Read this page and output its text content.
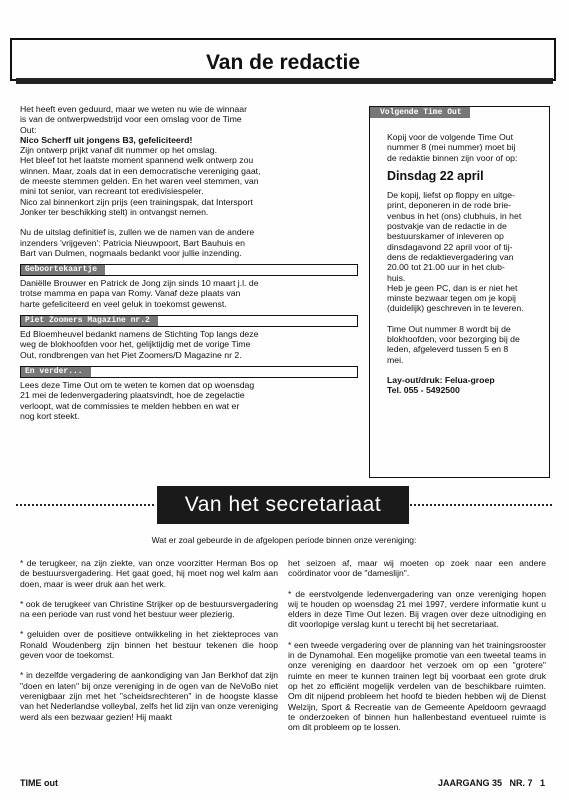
Van de redactie

Het heeft even geduurd, maar we weten nu wie de winnaar

is van de ontwerpwedstrijd voor een omslag voor de Time

Out:

Nico Scherff uit jongens B3, gefeliciteerd!

Zijn ontwerp prijkt vanaf dit nummer op het omslag.

Het bleef tot het laatste moment spannend welk ontwerp zou

winnen. Maar, zoals dat in een democratische vereniging gaat,

de meeste stemmen gelden. En het waren veel stemmen, van

mini tot senior, van recreant tot eredivisiespeler.

Nico zal binnenkort zijn prijs (een trainingspak, dat Intersport

Jonker ter beschikking stelt) in ontvangst nemen.

Nu de uitslag definitief is, zullen we de namen van de andere

inzenders 'vrijgeven': Patricia Nieuwpoort, Bart Bauhuis en

Bart van Dulmen, nogmaals bedankt voor jullie inzending.

Geboortekaartje

Daniëlle Brouwer en Patrick de Jong zijn sinds 10 maart j.l. de

trotse mamma en papa van Romy. Vanaf deze plaats van

harte gefeliciteerd en veel geluk in toekomst gewenst.

Piet Zoomers Magazine nr.2

Ed Bloemheuvel bedankt namens de Stichting Top langs deze

weg de blokhoofden voor het, gelijktijdig met de vorige Time

Out, rondbrengen van het Piet Zoomers/D Magazine nr 2.

En verder...

Lees deze Time Out om te weten te komen dat op woensdag

21 mei de ledenvergadering plaatsvindt, hoe de zegelactie

verloopt, wat de commissies te melden hebben en wat er

nog kort steekt.

Volgende Time Out

Kopij voor de volgende Time Out

nummer 8 (mei nummer) moet bij

de redaktie binnen zijn voor of op:

Dinsdag 22 april

De kopij, liefst op floppy en uitge-

print, deponeren in de rode brie-

venbus in het (ons) clubhuis, in het

postvakje van de redactie in de

bestuurskamer of inleveren op

dinsdagavond 22 april voor of tij-

dens de redaktievergadering van

20.00 tot 21.00 uur in het club-

huis.

Heb je geen PC, dan is er niet het

minste bezwaar tegen om je kopij

(duidelijk) geschreven in te leveren.

Time Out nummer 8 wordt bij de

blokhoofden, voor bezorging bij de

leden, afgeleverd tussen 5 en 8

mei.

Lay-out/druk: Felua-groep

Tel. 055 - 5492500

Van het secretariaat
Wat er zoal gebeurde in de afgelopen periode binnen onze vereniging:

* de terugkeer, na zijn ziekte, van onze voorzitter Herman Bos op de bestuursvergadering. Het gaat goed, hij moet nog wel kalm aan doen, maar is weer druk aan het werk.

* ook de terugkeer van Christine Strijker op de bestuursvergadering na een periode van rust vond het bestuur weer plezierig.

* geluiden over de positieve ontwikkeling in het ziekteproces van Ronald Woudenberg zijn binnen het bestuur tekenen die hoop geven voor de toekomst.

* in dezelfde vergadering de aankondiging van Jan Berkhof dat zijn "doen en laten" bij onze vereniging in de ogen van de NeVoBo niet verenigbaar zijn met het "scheidsrechteren" in de hoogste klasse van het Nederlandse volleybal, zelfs het lid zijn van onze vereniging werd als een bezwaar gezien! Hij maakt

het seizoen af, maar wij moeten op zoek naar een andere coördinator voor de "dameslijn".

* de eerstvolgende ledenvergadering van onze vereniging hopen wij te houden op woensdag 21 mei 1997, verdere informatie kunt u elders in deze Time Out lezen. Bij vragen over deze uitnodiging en dit voorlopige verslag kunt u terecht bij het secretariaat.

* een tweede vergadering over de planning van het trainingsrooster in de Dynamohal. Een mogelijke promotie van een tweetal teams in onze vereniging en daardoor het verzoek om op een "grotere" ruimte en meer te kunnen trainen legt bij voorbaat een grote druk op het zo efficiënt mogelijk verdelen van de beschikbare ruimten. Om dit nijpend probleem het hoofd te bieden hebben wij de Dienst Welzijn, Sport & Recreatie van de Gemeente Apeldoorn gevraagd te onderzoeken of binnen hun hallenbestand eventueel ruimte is om dit probleem op te lossen.

TIME out	JAARGANG 35   NR. 7   1
